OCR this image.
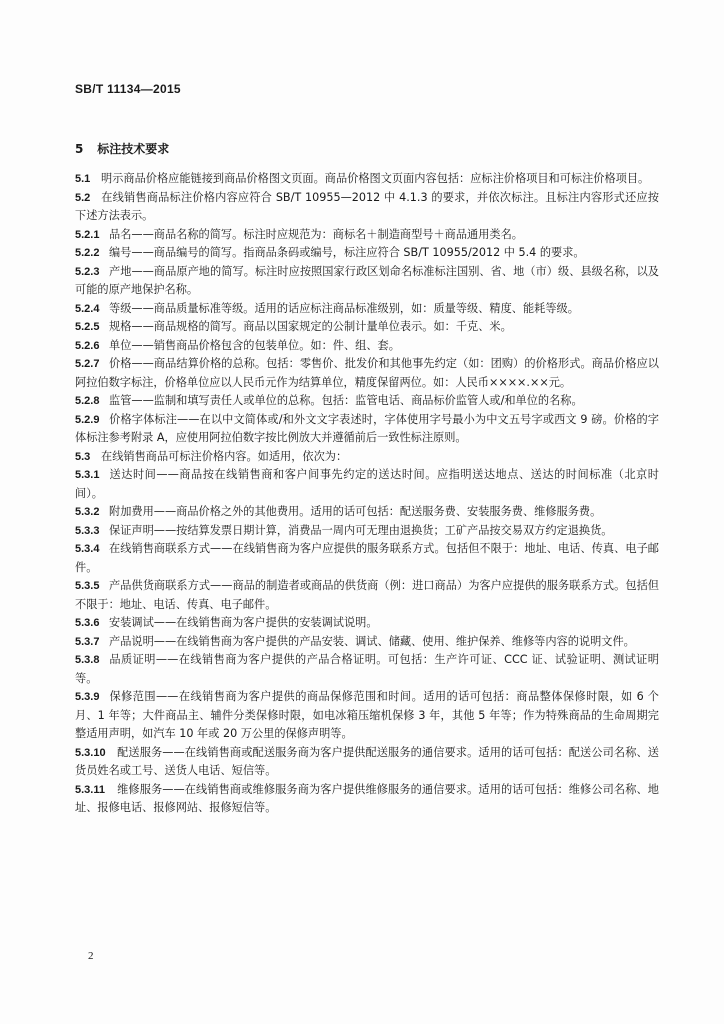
SB/T 11134—2015
5 标注技术要求

5.1 明示商品价格应能链接到商品价格图文页面。商品价格图文页面内容包括：应标注价格项目和可标注价格项目。

5.2 在线销售商品标注价格内容应符合 SB/T 10955—2012 中 4.1.3 的要求，并依次标注。且标注内容形式还应按下述方法表示。

5.2.1 品名——商品名称的简写。标注时应规范为：商标名＋制造商型号＋商品通用类名。

5.2.2 编号——商品编号的简写。指商品条码或编号，标注应符合 SB/T 10955/2012 中 5.4 的要求。

5.2.3 产地——商品原产地的简写。标注时应按照国家行政区划命名标准标注国别、省、地（市）级、县级名称，以及可能的原产地保护名称。

5.2.4 等级——商品质量标准等级。适用的话应标注商品标准级别，如：质量等级、精度、能耗等级。

5.2.5 规格——商品规格的简写。商品以国家规定的公制计量单位表示。如：千克、米。

5.2.6 单位——销售商品价格包含的包装单位。如：件、组、套。

5.2.7 价格——商品结算价格的总称。包括：零售价、批发价和其他事先约定（如：团购）的价格形式。商品价格应以阿拉伯数字标注，价格单位应以人民币元作为结算单位，精度保留两位。如：人民币××××.××元。

5.2.8 监管——监制和填写责任人或单位的总称。包括：监管电话、商品标价监管人或/和单位的名称。

5.2.9 价格字体标注——在以中文简体或/和外文文字表述时，字体使用字号最小为中文五号字或西文 9 磅。价格的字体标注参考附录 A，应使用阿拉伯数字按比例放大并遵循前后一致性标注原则。

5.3 在线销售商品可标注价格内容。如适用，依次为：

5.3.1 送达时间——商品按在线销售商和客户间事先约定的送达时间。应指明送达地点、送达的时间标准（北京时间）。

5.3.2 附加费用——商品价格之外的其他费用。适用的话可包括：配送服务费、安装服务费、维修服务费。

5.3.3 保证声明——按结算发票日期计算，消费品一周内可无理由退换货；工矿产品按交易双方约定退换货。

5.3.4 在线销售商联系方式——在线销售商为客户应提供的服务联系方式。包括但不限于：地址、电话、传真、电子邮件。

5.3.5 产品供货商联系方式——商品的制造者或商品的供货商（例：进口商品）为客户应提供的服务联系方式。包括但不限于：地址、电话、传真、电子邮件。

5.3.6 安装调试——在线销售商为客户提供的安装调试说明。

5.3.7 产品说明——在线销售商为客户提供的产品安装、调试、储藏、使用、维护保养、维修等内容的说明文件。

5.3.8 品质证明——在线销售商为客户提供的产品合格证明。可包括：生产许可证、CCC 证、试验证明、测试证明等。

5.3.9 保修范围——在线销售商为客户提供的商品保修范围和时间。适用的话可包括：商品整体保修时限，如 6 个月、1 年等；大件商品主、辅件分类保修时限，如电冰箱压缩机保修 3 年，其他 5 年等；作为特殊商品的生命周期完整适用声明，如汽车 10 年或 20 万公里的保修声明等。

5.3.10 配送服务——在线销售商或配送服务商为客户提供配送服务的通信要求。适用的话可包括：配送公司名称、送货员姓名或工号、送货人电话、短信等。

5.3.11 维修服务——在线销售商或维修服务商为客户提供维修服务的通信要求。适用的话可包括：维修公司名称、地址、报修电话、报修网站、报修短信等。

2
